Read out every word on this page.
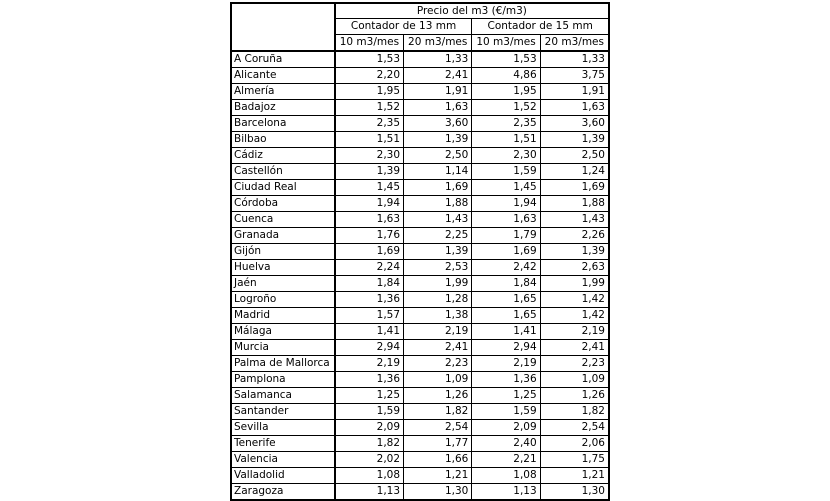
	Precio del m3 (€/m3)			
	Contador de 13 mm		Contador de 15 mm	
	10 m3/mes	20 m3/mes	10 m3/mes	20 m3/mes
A Coruña	1,53	1,33	1,53	1,33
Alicante	2,20	2,41	4,86	3,75
Almería	1,95	1,91	1,95	1,91
Badajoz	1,52	1,63	1,52	1,63
Barcelona	2,35	3,60	2,35	3,60
Bilbao	1,51	1,39	1,51	1,39
Cádiz	2,30	2,50	2,30	2,50
Castellón	1,39	1,14	1,59	1,24
Ciudad Real	1,45	1,69	1,45	1,69
Córdoba	1,94	1,88	1,94	1,88
Cuenca	1,63	1,43	1,63	1,43
Granada	1,76	2,25	1,79	2,26
Gijón	1,69	1,39	1,69	1,39
Huelva	2,24	2,53	2,42	2,63
Jaén	1,84	1,99	1,84	1,99
Logroño	1,36	1,28	1,65	1,42
Madrid	1,57	1,38	1,65	1,42
Málaga	1,41	2,19	1,41	2,19
Murcia	2,94	2,41	2,94	2,41
Palma de Mallorca	2,19	2,23	2,19	2,23
Pamplona	1,36	1,09	1,36	1,09
Salamanca	1,25	1,26	1,25	1,26
Santander	1,59	1,82	1,59	1,82
Sevilla	2,09	2,54	2,09	2,54
Tenerife	1,82	1,77	2,40	2,06
Valencia	2,02	1,66	2,21	1,75
Valladolid	1,08	1,21	1,08	1,21
Zaragoza	1,13	1,30	1,13	1,30
